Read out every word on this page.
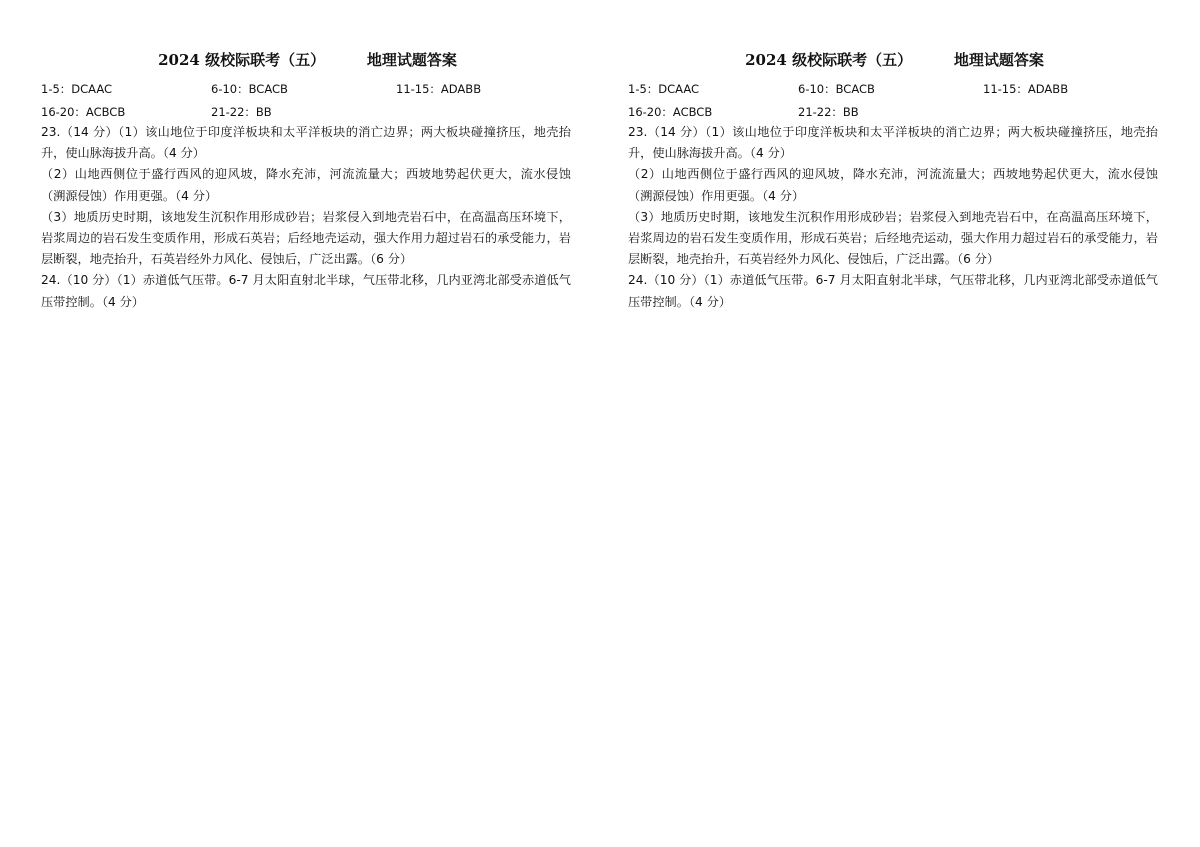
2024 级校际联考（五）        地理试题答案
1-5：DCAAC	6-10：BCACB	11-15：ADABB
16-20：ACBCB	21-22：BB

23.（14 分）（1）该山地位于印度洋板块和太平洋板块的消亡边界；两大板块碰撞挤压，地壳抬升，使山脉海拔升高。（4 分）

（2）山地西侧位于盛行西风的迎风坡，降水充沛，河流流量大；西坡地势起伏更大，流水侵蚀（溯源侵蚀）作用更强。（4 分）

（3）地质历史时期，该地发生沉积作用形成砂岩；岩浆侵入到地壳岩石中，在高温高压环境下，岩浆周边的岩石发生变质作用，形成石英岩；后经地壳运动，强大作用力超过岩石的承受能力，岩层断裂，地壳抬升，石英岩经外力风化、侵蚀后，广泛出露。（6 分）

24.（10 分）（1）赤道低气压带。6-7 月太阳直射北半球，气压带北移，几内亚湾北部受赤道低气压带控制。（4 分）

2024 级校际联考（五）        地理试题答案
1-5：DCAAC	6-10：BCACB	11-15：ADABB
16-20：ACBCB	21-22：BB

23.（14 分）（1）该山地位于印度洋板块和太平洋板块的消亡边界；两大板块碰撞挤压，地壳抬升，使山脉海拔升高。（4 分）

（2）山地西侧位于盛行西风的迎风坡，降水充沛，河流流量大；西坡地势起伏更大，流水侵蚀（溯源侵蚀）作用更强。（4 分）

（3）地质历史时期，该地发生沉积作用形成砂岩；岩浆侵入到地壳岩石中，在高温高压环境下，岩浆周边的岩石发生变质作用，形成石英岩；后经地壳运动，强大作用力超过岩石的承受能力，岩层断裂，地壳抬升，石英岩经外力风化、侵蚀后，广泛出露。（6 分）

24.（10 分）（1）赤道低气压带。6-7 月太阳直射北半球，气压带北移，几内亚湾北部受赤道低气压带控制。（4 分）
